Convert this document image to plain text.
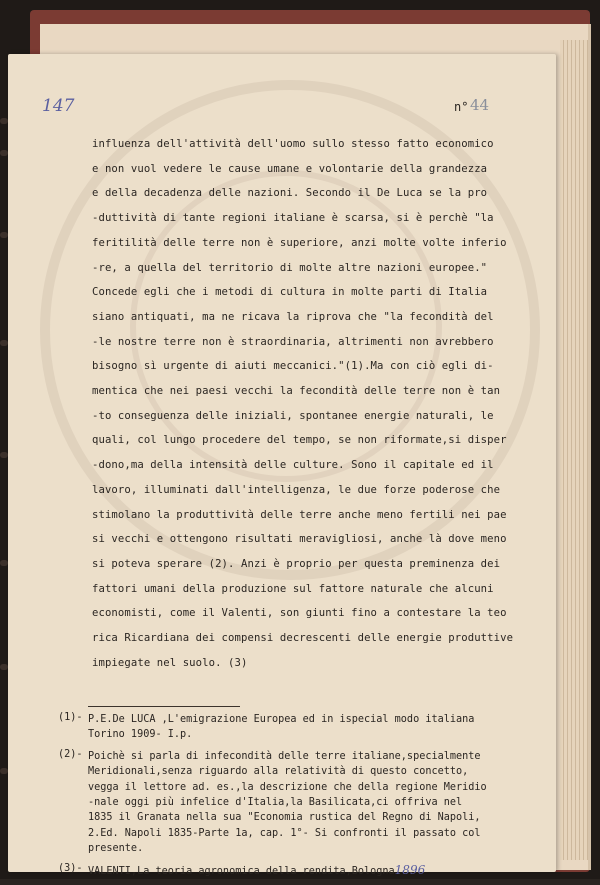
147	n° 44
influenza dell'attività dell'uomo sullo stesso fatto economico
e non vuol vedere le cause umane e volontarie della grandezza
e della decadenza delle nazioni. Secondo il De Luca se la pro
-duttività di tante regioni italiane è scarsa, si è perchè "la
feritilità delle terre non è superiore, anzi molte volte inferio
-re, a quella del territorio di molte altre nazioni europee."
Concede egli che i metodi di cultura in molte parti di Italia
siano antiquati, ma ne ricava la riprova che "la fecondità del
-le nostre terre non è straordinaria, altrimenti non avrebbero
bisogno sì urgente di aiuti meccanici."(1).Ma con ciò egli di-
mentica che nei paesi vecchi la fecondità delle terre non è tan
-to conseguenza delle iniziali, spontanee energie naturali, le
quali, col lungo procedere del tempo, se non riformate,si disper
-dono,ma della intensità delle culture. Sono il capitale ed il
lavoro, illuminati dall'intelligenza, le due forze poderose che
stimolano la produttività delle terre anche meno fertili nei pae
si vecchi e ottengono risultati meravigliosi, anche là dove meno
si poteva sperare (2). Anzi è proprio per questa preminenza dei
fattori umani della produzione sul fattore naturale che alcuni
economisti, come il Valenti, son giunti fino a contestare la teo
rica Ricardiana dei compensi decrescenti delle energie produttive
impiegate nel suolo. (3)
(1)- P.E.De LUCA ,L'emigrazione Europea ed in ispecial modo italiana
Torino 1909- I.p.
(2)- Poichè si parla di infecondità delle terre italiane,specialmente
Meridionali,senza riguardo alla relatività di questo concetto,
vegga il lettore ad. es.,la descrizione che della regione Meridio
-nale oggi più infelice d'Italia,la Basilicata,ci offriva nel
1835 il Granata nella sua "Economia rustica del Regno di Napoli,
2.Ed. Napoli 1835-Parte 1a, cap. 1°- Si confronti il passato col
presente.
(3)- VALENTI,La teoria agronomica della rendita,Bologna1896
